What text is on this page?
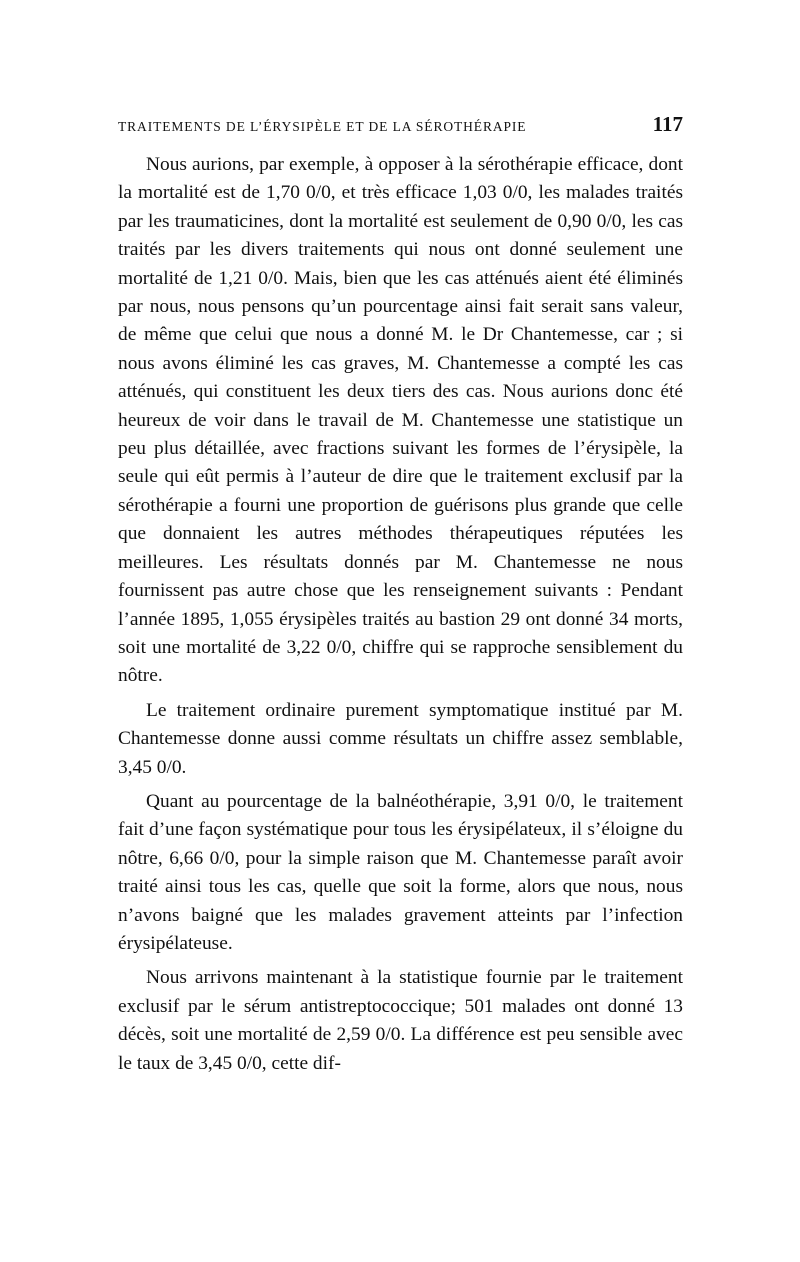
TRAITEMENTS DE L’ÉRYSIPÈLE ET DE LA SÉROTHÉRAPIE	117

Nous aurions, par exemple, à opposer à la sérothérapie efficace, dont la mortalité est de 1,70 0/0, et très efficace 1,03 0/0, les malades traités par les traumaticines, dont la mortalité est seulement de 0,90 0/0, les cas traités par les divers traitements qui nous ont donné seulement une mortalité de 1,21 0/0. Mais, bien que les cas atténués aient été éliminés par nous, nous pensons qu’un pourcentage ainsi fait serait sans valeur, de même que celui que nous a donné M. le Dr Chantemesse, car ; si nous avons éliminé les cas graves, M. Chantemesse a compté les cas atténués, qui constituent les deux tiers des cas. Nous aurions donc été heureux de voir dans le travail de M. Chantemesse une statistique un peu plus détaillée, avec fractions suivant les formes de l’érysipèle, la seule qui eût permis à l’auteur de dire que le traitement exclusif par la sérothérapie a fourni une proportion de guérisons plus grande que celle que donnaient les autres méthodes thérapeutiques réputées les meilleures. Les résultats donnés par M. Chantemesse ne nous fournissent pas autre chose que les renseignement suivants : Pendant l’année 1895, 1,055 érysipèles traités au bastion 29 ont donné 34 morts, soit une mortalité de 3,22 0/0, chiffre qui se rapproche sensiblement du nôtre.

Le traitement ordinaire purement symptomatique institué par M. Chantemesse donne aussi comme résultats un chiffre assez semblable, 3,45 0/0.

Quant au pourcentage de la balnéothérapie, 3,91 0/0, le traitement fait d’une façon systématique pour tous les érysipélateux, il s’éloigne du nôtre, 6,66 0/0, pour la simple raison que M. Chantemesse paraît avoir traité ainsi tous les cas, quelle que soit la forme, alors que nous, nous n’avons baigné que les malades gravement atteints par l’infection érysipélateuse.

Nous arrivons maintenant à la statistique fournie par le traitement exclusif par le sérum antistreptococcique; 501 malades ont donné 13 décès, soit une mortalité de 2,59 0/0. La différence est peu sensible avec le taux de 3,45 0/0, cette dif-
